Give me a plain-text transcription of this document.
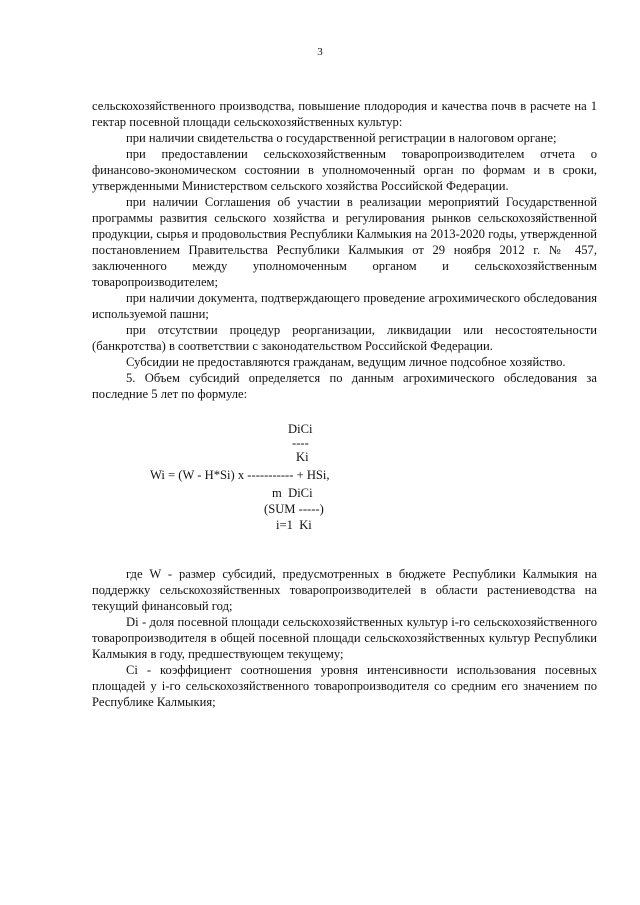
3

сельскохозяйственного производства, повышение плодородия и качества почв в расчете на 1 гектар посевной площади сельскохозяйственных культур:

при наличии свидетельства о государственной регистрации в налоговом органе;

при предоставлении сельскохозяйственным товаропроизводителем отчета о финансово-экономическом состоянии в уполномоченный орган по формам и в сроки, утвержденными Министерством сельского хозяйства Российской Федерации.

при наличии Соглашения об участии в реализации мероприятий Государственной программы развития сельского хозяйства и регулирования рынков сельскохозяйственной продукции, сырья и продовольствия Республики Калмыкия на 2013-2020 годы, утвержденной постановлением Правительства Республики Калмыкия от 29 ноября 2012 г. № 457, заключенного между уполномоченным органом и сельскохозяйственным товаропроизводителем;

при наличии документа, подтверждающего проведение агрохимического обследования используемой пашни;

при отсутствии процедур реорганизации, ликвидации или несостоятельности (банкротства) в соответствии с законодательством Российской Федерации.

Субсидии не предоставляются гражданам, ведущим личное подсобное хозяйство.

5. Объем субсидий определяется по данным агрохимического обследования за последние 5 лет по формуле:

DiCi
----
Ki
Wi = (W - H*Si) x ----------- + HSi,
m  DiCi
(SUM -----)
i=1  Ki

где W - размер субсидий, предусмотренных в бюджете Республики Калмыкия на поддержку сельскохозяйственных товаропроизводителей в области растениеводства на текущий финансовый год;

Di - доля посевной площади сельскохозяйственных культур i-го сельскохозяйственного товаропроизводителя в общей посевной площади сельскохозяйственных культур Республики Калмыкия в году, предшествующем текущему;

Ci - коэффициент соотношения уровня интенсивности использования посевных площадей у i-го сельскохозяйственного товаропроизводителя со средним его значением по Республике Калмыкия;
